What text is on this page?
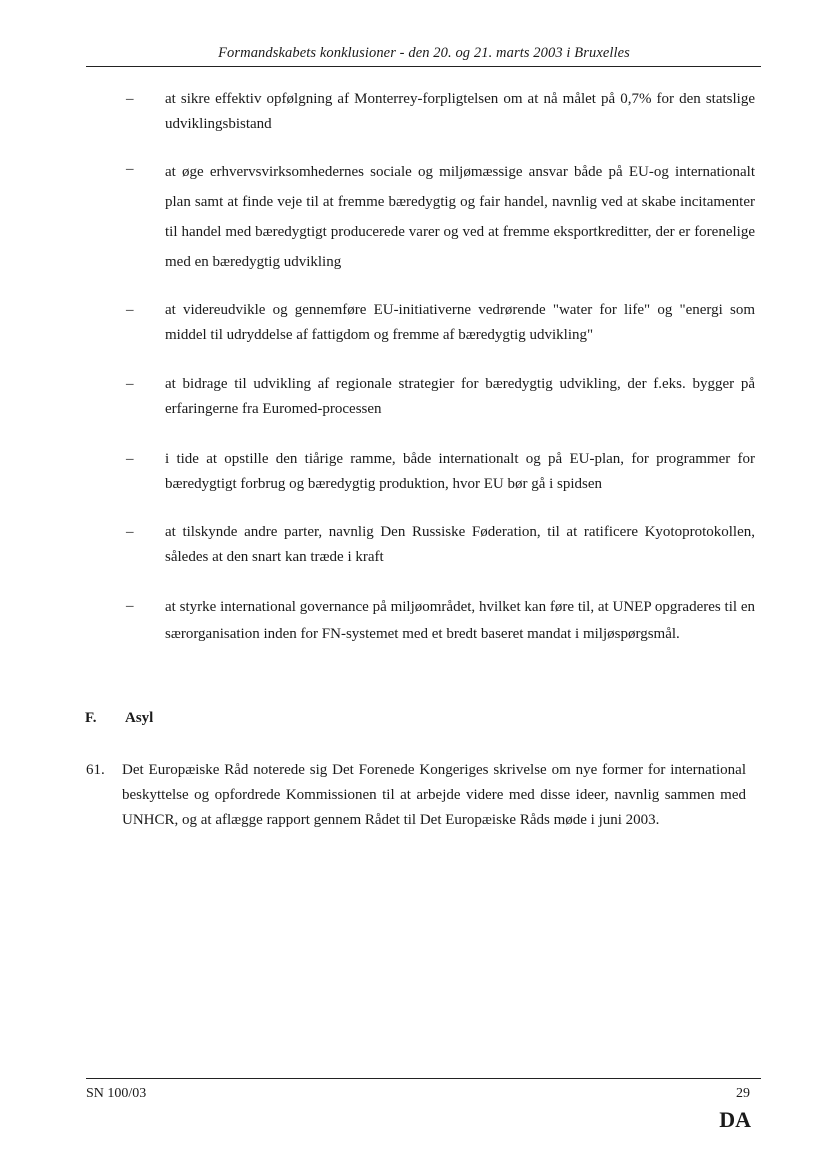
Formandskabets konklusioner - den 20. og 21. marts 2003 i Bruxelles
– at sikre effektiv opfølgning af Monterrey-forpligtelsen om at nå målet på 0,7% for den statslige udviklingsbistand
– at øge erhvervsvirksomhedernes sociale og miljømæssige ansvar både på EU-og internationalt plan samt at finde veje til at fremme bæredygtig og fair handel, navnlig ved at skabe incitamenter til handel med bæredygtigt producerede varer og ved at fremme eksportkreditter, der er forenelige med en bæredygtig udvikling
– at videreudvikle og gennemføre EU-initiativerne vedrørende "water for life" og "energi som middel til udryddelse af fattigdom og fremme af bæredygtig udvikling"
– at bidrage til udvikling af regionale strategier for bæredygtig udvikling, der f.eks. bygger på erfaringerne fra Euromed-processen
– i tide at opstille den tiårige ramme, både internationalt og på EU-plan, for programmer for bæredygtigt forbrug og bæredygtig produktion, hvor EU bør gå i spidsen
– at tilskynde andre parter, navnlig Den Russiske Føderation, til at ratificere Kyotoprotokollen, således at den snart kan træde i kraft
– at styrke international governance på miljøområdet, hvilket kan føre til, at UNEP opgraderes til en særorganisation inden for FN-systemet med et bredt baseret mandat i miljøspørgsmål.
F. Asyl
61. Det Europæiske Råd noterede sig Det Forenede Kongeriges skrivelse om nye former for international beskyttelse og opfordrede Kommissionen til at arbejde videre med disse ideer, navnlig sammen med UNHCR, og at aflægge rapport gennem Rådet til Det Europæiske Råds møde i juni 2003.
SN 100/03	29
DA
